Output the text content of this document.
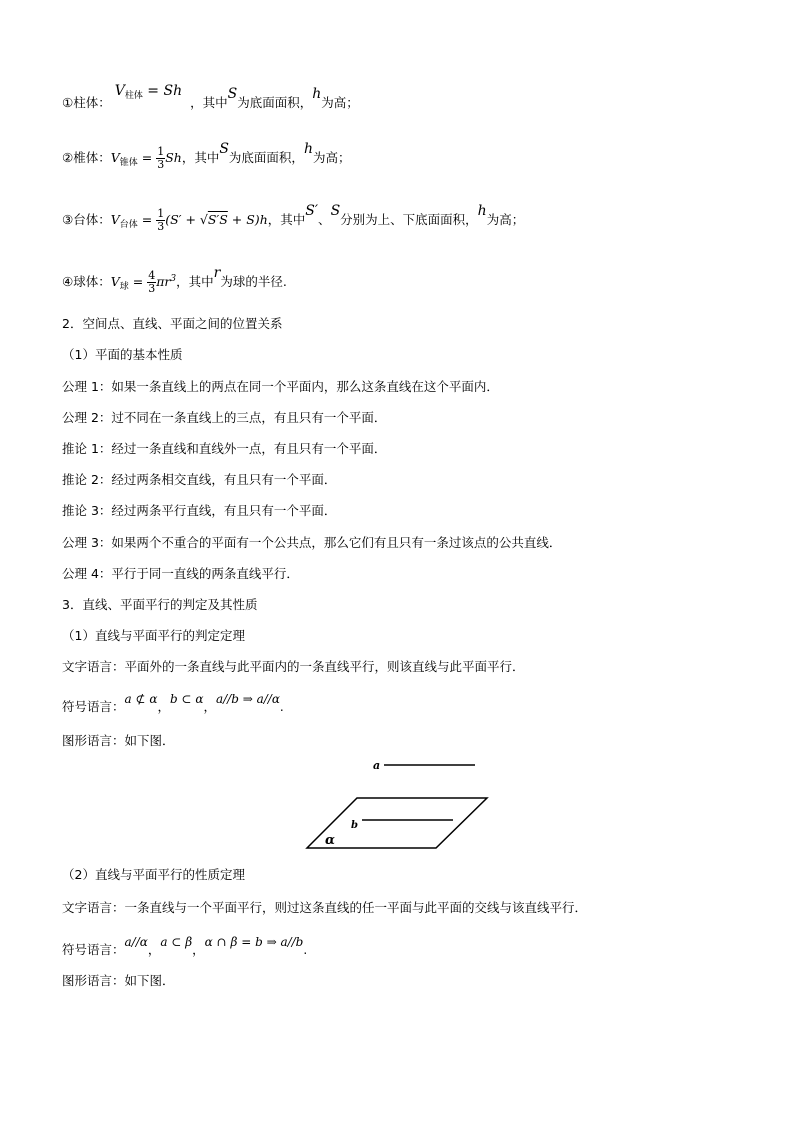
①柱体：$V_{柱体} = Sh$，其中S为底面面积，h为高；
②椎体：$V_{锥体} = \frac{1}{3}$ Sh，其中S为底面面积，h为高；
③台体：$V_{台体} = \frac{1}{3} (S' + √S'S + S)h$，其中S′、S分别为上、下底面面积，h为高；
④球体：$V_球 = \frac{4}{3} \pi r^3$，其中r为球的半径.
2．空间点、直线、平面之间的位置关系
（1）平面的基本性质
公理 1：如果一条直线上的两点在同一个平面内，那么这条直线在这个平面内．
公理 2：过不同在一条直线上的三点，有且只有一个平面．
推论 1：经过一条直线和直线外一点，有且只有一个平面．
推论 2：经过两条相交直线，有且只有一个平面．
推论 3：经过两条平行直线，有且只有一个平面．
公理 3：如果两个不重合的平面有一个公共点，那么它们有且只有一条过该点的公共直线．
公理 4：平行于同一直线的两条直线平行．
3．直线、平面平行的判定及其性质
（1）直线与平面平行的判定定理
文字语言：平面外的一条直线与此平面内的一条直线平行，则该直线与此平面平行．
符号语言：a ⊄ α，b ⊂ α，a//b ⇒ a//α.
图形语言：如下图．
a
b
α
（2）直线与平面平行的性质定理
文字语言：一条直线与一个平面平行，则过这条直线的任一平面与此平面的交线与该直线平行．
符号语言：a//α，a ⊂ β，α ∩ β = b ⇒ a//b.
图形语言：如下图．
